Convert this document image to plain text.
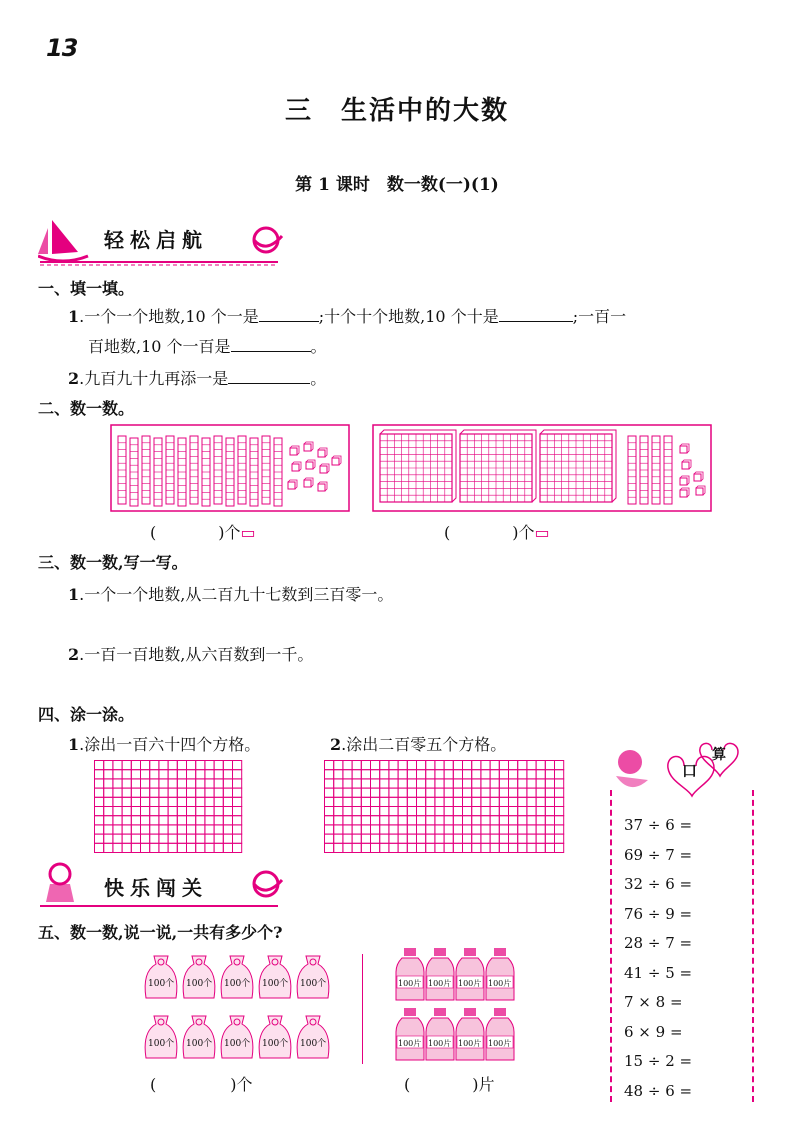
13
三　生活中的大数
第 1 课时　数一数(一)(1)
轻松启航
一、填一填。
1.一个一个地数,10 个一是	;十个十个地数,10 个十是	;一百一
百地数,10 个一百是	。
2.九百九十九再添一是	。
二、数一数。
(	)个▭	(	)个▭
三、数一数,写一写。
1.一个一个地数,从二百九十七数到三百零一。
2.一百一百地数,从六百数到一千。
四、涂一涂。
1.涂出一百六十四个方格。	2.涂出二百零五个方格。
快乐闯关
五、数一数,说一说,一共有多少个?
100个 100个 100个 100个 100个
100个 100个 100个 100个 100个
100片 100片 100片 100片
100片 100片 100片 100片
(	)个	(	)片
口
算
37 ÷ 6 =
69 ÷ 7 =
32 ÷ 6 =
76 ÷ 9 =
28 ÷ 7 =
41 ÷ 5 =
7 × 8 =
6 × 9 =
15 ÷ 2 =
48 ÷ 6 =
